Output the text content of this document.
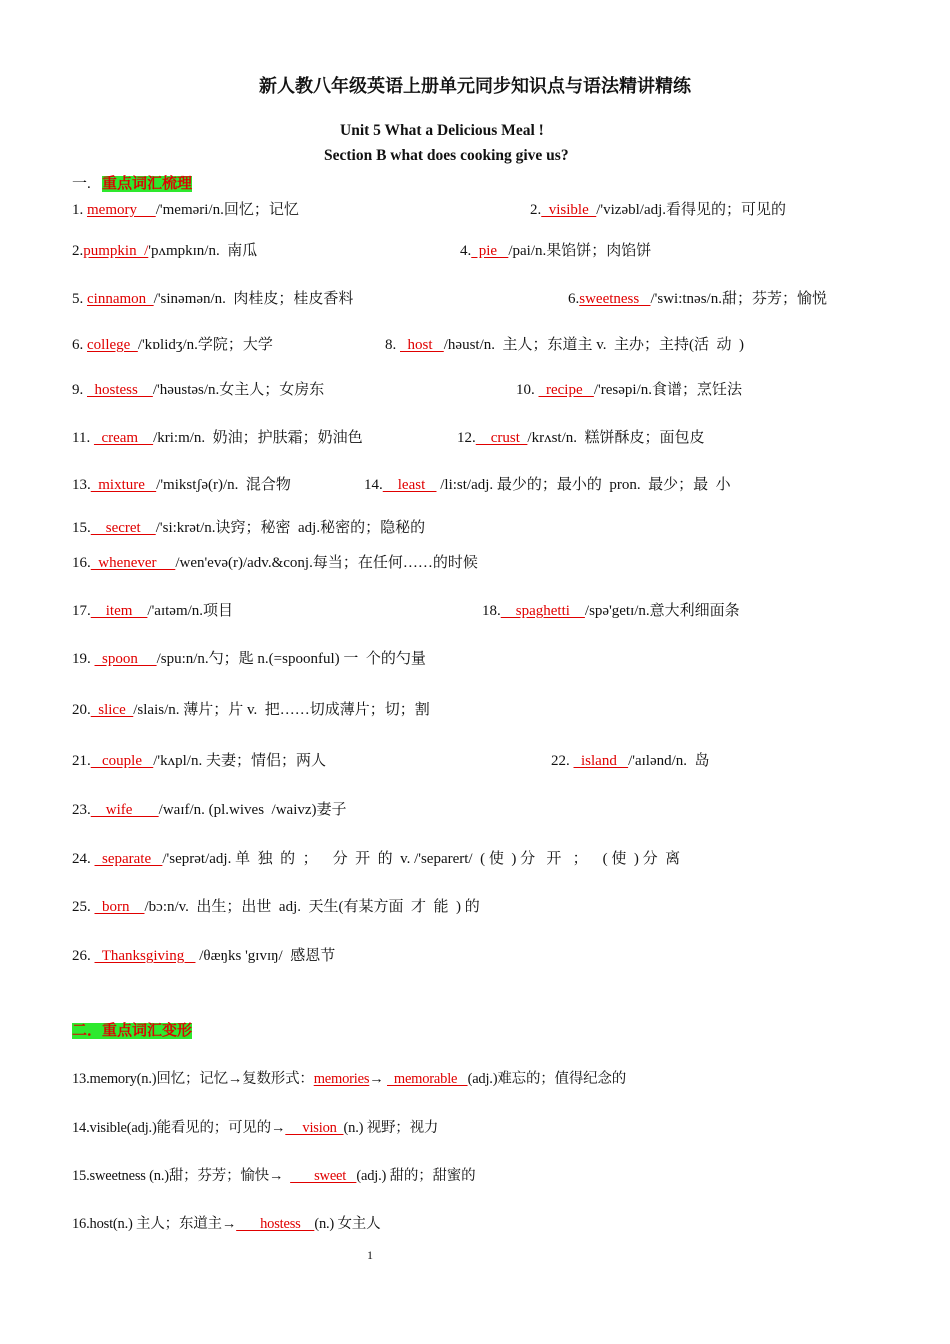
新人教八年级英语上册单元同步知识点与语法精讲精练
Unit 5 What a Delicious Meal !
Section B what does cooking give us?
一. 重点词汇梳理
1. memory     /'meməri/n.回忆；记忆	2.  visible  /'vizəbl/adj.看得见的；可见的
2.pumpkin  /'pʌmpkɪn/n.  南瓜	4.  pie   /pai/n.果馅饼；肉馅饼
5. cinnamon  /'sinəmən/n.  肉桂皮；桂皮香料	6.sweetness   /'swi:tnəs/n.甜；芬芳；愉悦
6. college  /'kɒlidʒ/n.学院；大学	8.   host   /həust/n.  主人；东道主 v.  主办；主持(活  动  )
9.   hostess    /'həustəs/n.女主人；女房东	10.   recipe   /'resəpi/n.食谱；烹饪法
11.   cream    /kri:m/n.  奶油；护肤霜；奶油色	12.    crust  /krʌst/n.  糕饼酥皮；面包皮
13.  mixture   /'mikstʃə(r)/n.  混合物	14.    least    /li:st/adj. 最少的；最小的  pron.  最少；最  小
15.    secret    /'si:krət/n.诀窍；秘密  adj.秘密的；隐秘的
16.  whenever     /wen'evə(r)/adv.&conj.每当；在任何……的时候
17.    item    /'aɪtəm/n.项目	18.    spaghetti    /spə'getɪ/n.意大利细面条
19.   spoon     /spu:n/n.勺；匙 n.(=spoonful) 一  个的勺量
20.  slice  /slais/n. 薄片；片 v.  把……切成薄片；切；割
21.   couple   /'kʌpl/n. 夫妻；情侣；两人	22.   island   /'aɪlənd/n.  岛
23.    wife       /waɪf/n. (pl.wives  /waivz)妻子
24.   separate   /'seprət/adj. 单  独  的  ；    分  开  的  v. /'separert/  ( 使  ) 分   开   ；    ( 使  ) 分  离
25.   born    /bɔ:n/v.  出生；出世  adj.  天生(有某方面  才  能  ) 的
26.   Thanksgiving    /θæŋks 'gɪvɪŋ/  感恩节
二．重点词汇变形
13.memory(n.)回忆；记忆→复数形式：memories→   memorable   (adj.)难忘的；值得纪念的
14.visible(adj.)能看见的；可见的→     vision  (n.) 视野；视力
15.sweetness (n.)甜；芬芳；愉快→         sweet   (adj.) 甜的；甜蜜的
16.host(n.) 主人；东道主→       hostess    (n.) 女主人
1
